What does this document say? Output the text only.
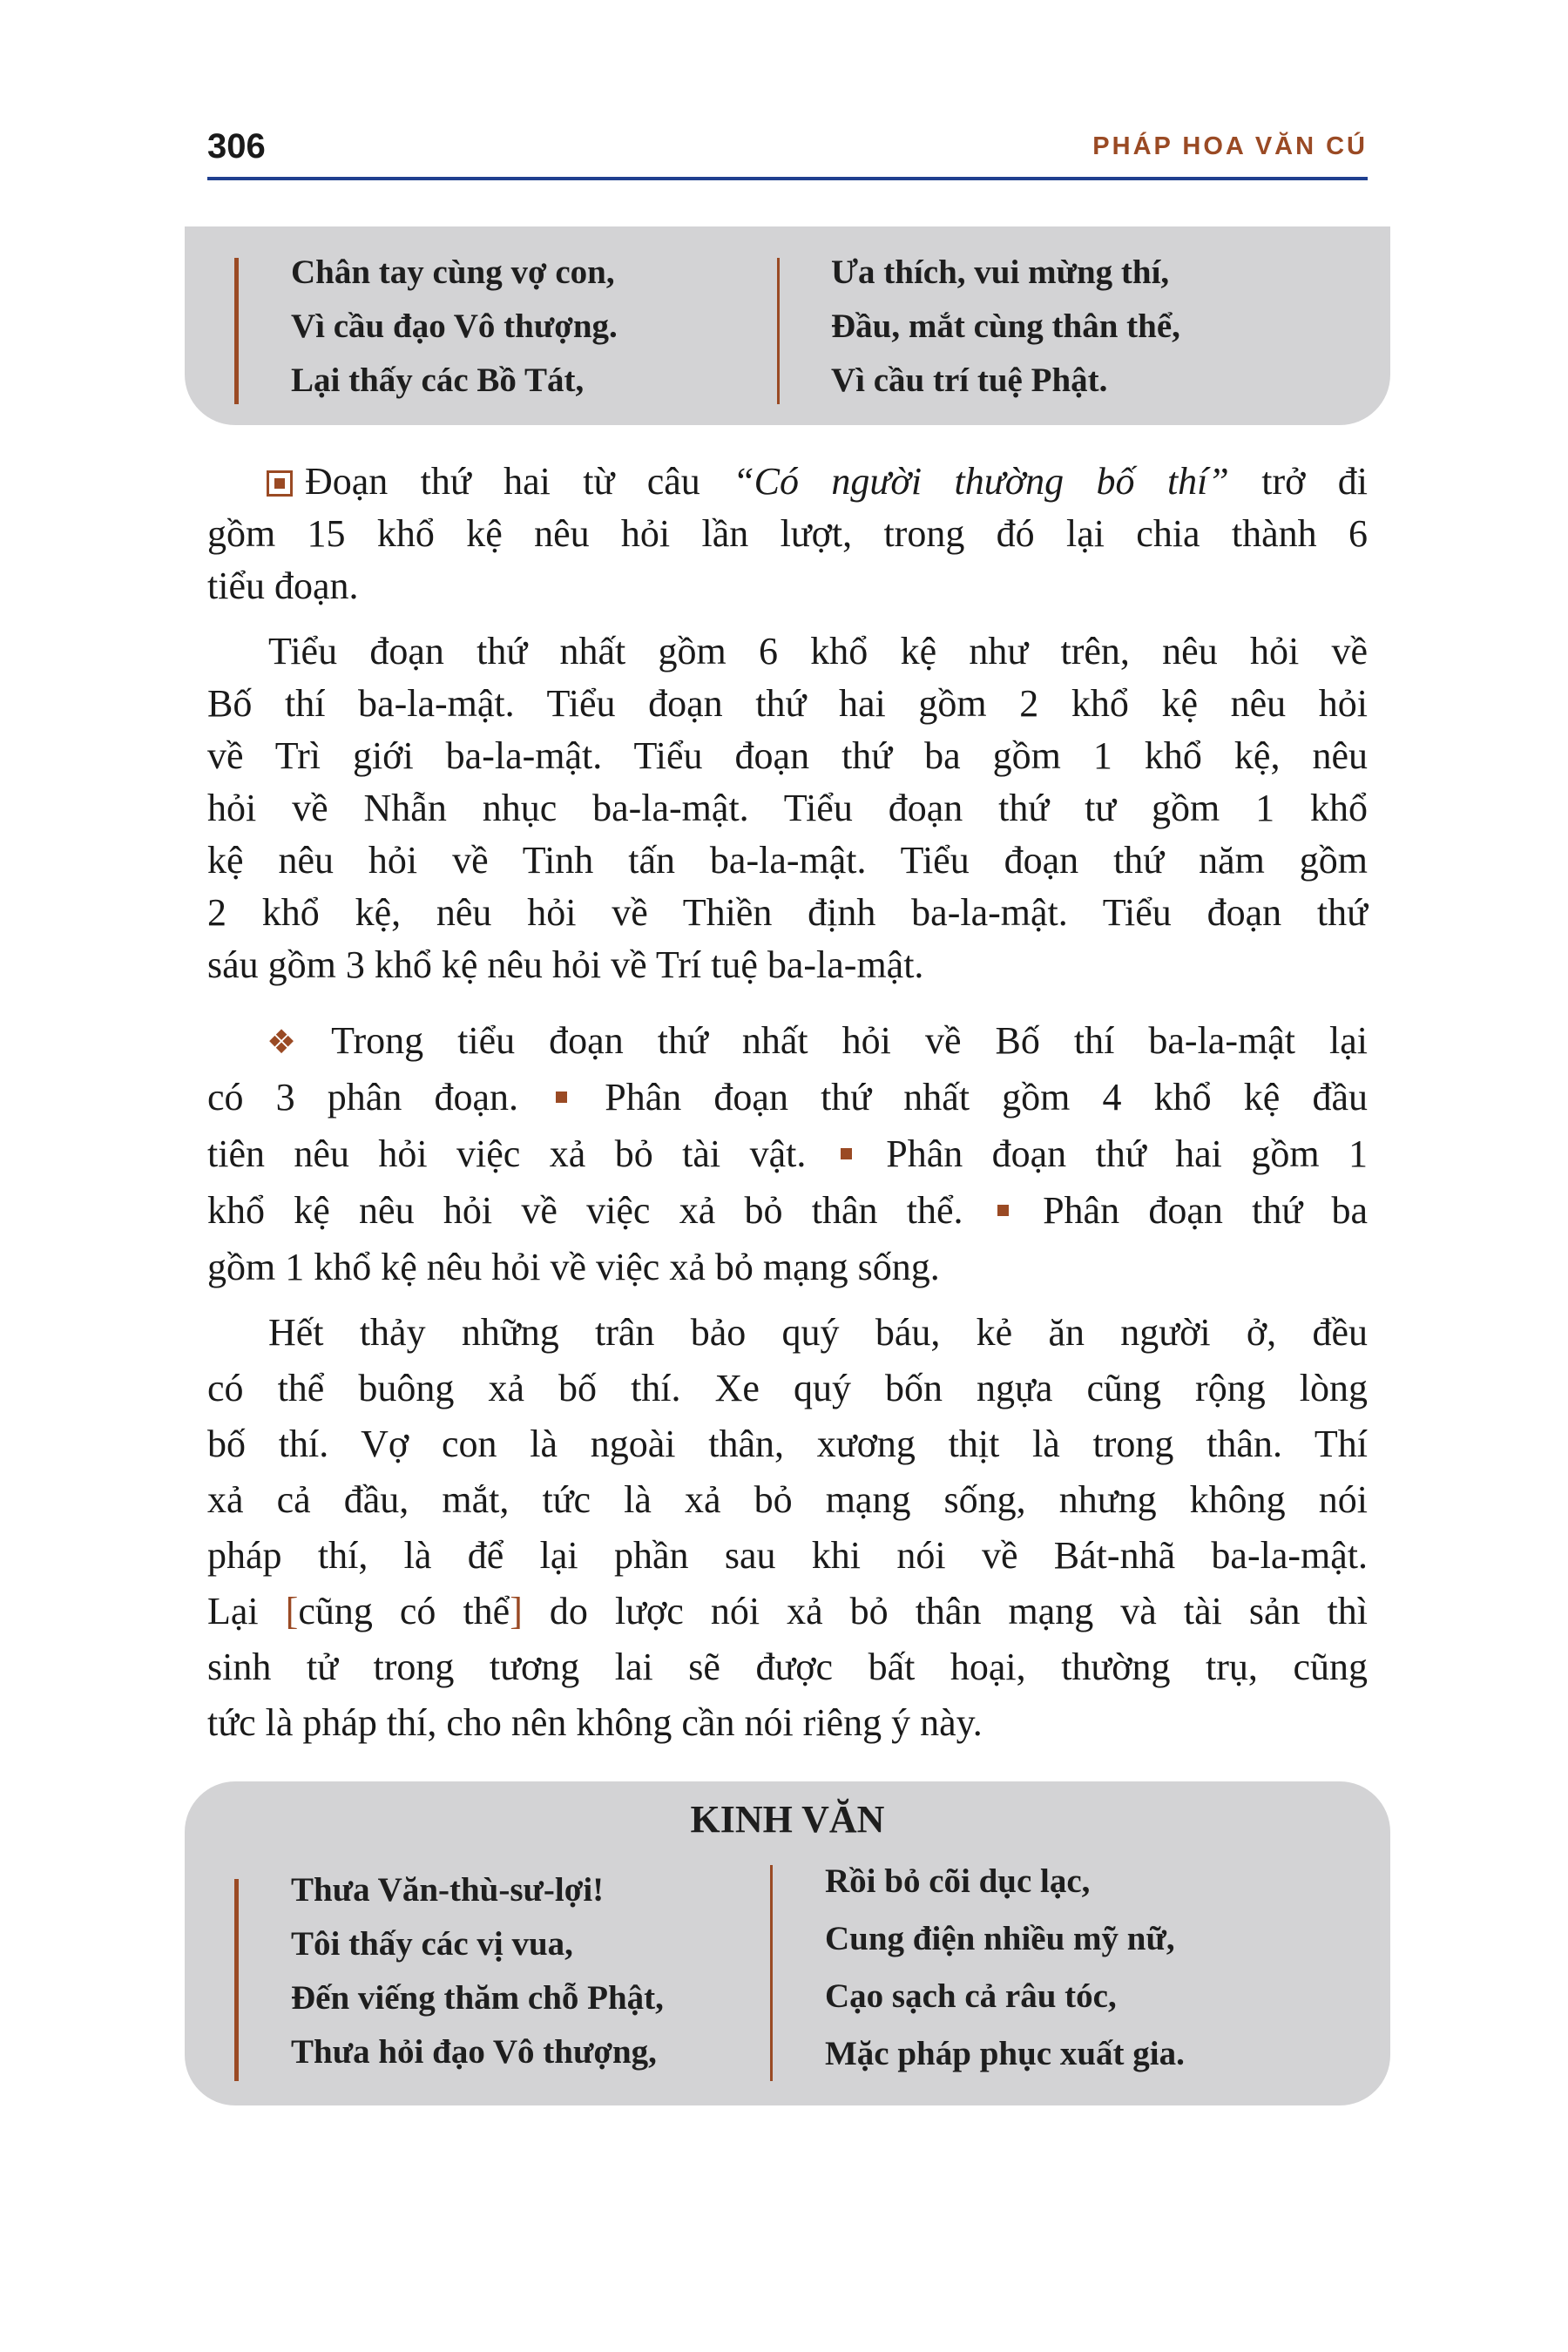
306	PHÁP HOA VĂN CÚ
Chân tay cùng vợ con,
Vì cầu đạo Vô thượng.
Lại thấy các Bồ Tát,
Ưa thích, vui mừng thí,
Đầu, mắt cùng thân thể,
Vì cầu trí tuệ Phật.
Đoạn thứ hai từ câu “Có người thường bố thí” trở đi
gồm 15 khổ kệ nêu hỏi lần lượt, trong đó lại chia thành 6
tiểu đoạn.
Tiểu đoạn thứ nhất gồm 6 khổ kệ như trên, nêu hỏi về
Bố thí ba-la-mật. Tiểu đoạn thứ hai gồm 2 khổ kệ nêu hỏi
về Trì giới ba-la-mật. Tiểu đoạn thứ ba gồm 1 khổ kệ, nêu
hỏi về Nhẫn nhục ba-la-mật. Tiểu đoạn thứ tư gồm 1 khổ
kệ nêu hỏi về Tinh tấn ba-la-mật. Tiểu đoạn thứ năm gồm
2 khổ kệ, nêu hỏi về Thiền định ba-la-mật. Tiểu đoạn thứ
sáu gồm 3 khổ kệ nêu hỏi về Trí tuệ ba-la-mật.
❖ Trong tiểu đoạn thứ nhất hỏi về Bố thí ba-la-mật lại
có 3 phân đoạn. Phân đoạn thứ nhất gồm 4 khổ kệ đầu
tiên nêu hỏi việc xả bỏ tài vật. Phân đoạn thứ hai gồm 1
khổ kệ nêu hỏi về việc xả bỏ thân thể. Phân đoạn thứ ba
gồm 1 khổ kệ nêu hỏi về việc xả bỏ mạng sống.
Hết thảy những trân bảo quý báu, kẻ ăn người ở, đều
có thể buông xả bố thí. Xe quý bốn ngựa cũng rộng lòng
bố thí. Vợ con là ngoài thân, xương thịt là trong thân. Thí
xả cả đầu, mắt, tức là xả bỏ mạng sống, nhưng không nói
pháp thí, là để lại phần sau khi nói về Bát-nhã ba-la-mật.
Lại [cũng có thể] do lược nói xả bỏ thân mạng và tài sản thì
sinh tử trong tương lai sẽ được bất hoại, thường trụ, cũng
tức là pháp thí, cho nên không cần nói riêng ý này.
KINH VĂN
Thưa Văn-thù-sư-lợi!
Tôi thấy các vị vua,
Đến viếng thăm chỗ Phật,
Thưa hỏi đạo Vô thượng,
Rồi bỏ cõi dục lạc,
Cung điện nhiều mỹ nữ,
Cạo sạch cả râu tóc,
Mặc pháp phục xuất gia.
